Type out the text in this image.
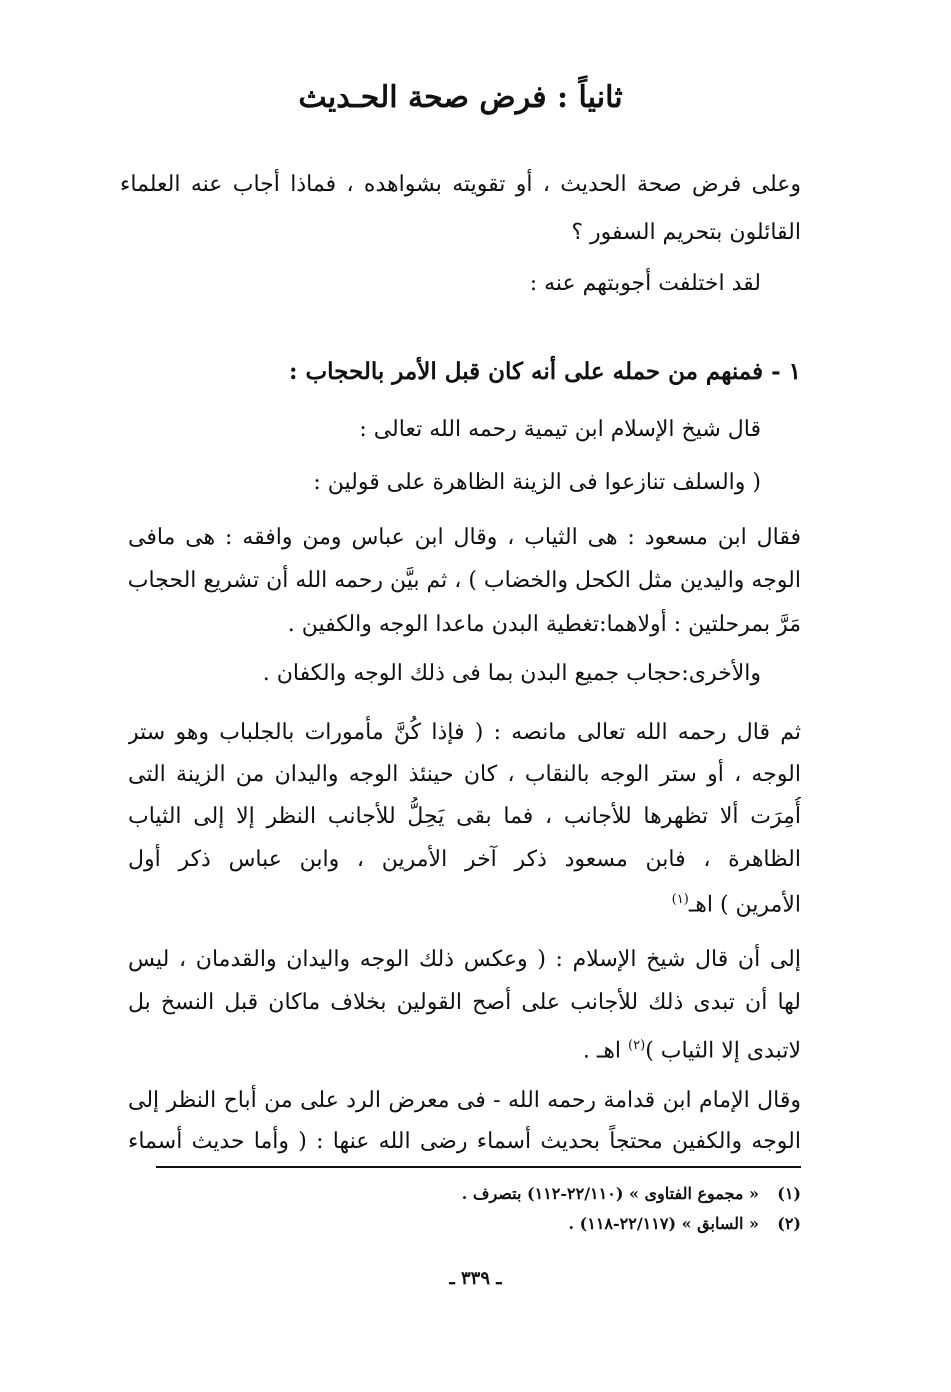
ثانياً : فرض صحة الحـديث
وعلى فرض صحة الحديث ، أو تقويته بشواهده ، فماذا أجاب عنه العلماء
القائلون بتحريم السفور ؟
لقد اختلفت أجوبتهم عنه :
١ - فمنهم من حمله على أنه كان قبل الأمر بالحجاب :
قال شيخ الإسلام ابن تيمية رحمه الله تعالى :
( والسلف تنازعوا فى الزينة الظاهرة على قولين :
فقال ابن مسعود : هى الثياب ، وقال ابن عباس ومن وافقه : هى مافى
الوجه واليدين مثل الكحل والخضاب ) ، ثم بيَّن رحمه الله أن تشريع الحجاب
مَرَّ بمرحلتين : أولاهما:تغطية البدن ماعدا الوجه والكفين .
والأخرى:حجاب جميع البدن بما فى ذلك الوجه والكفان .
ثم قال رحمه الله تعالى مانصه : ( فإذا كُنَّ مأمورات بالجلباب وهو ستر
الوجه ، أو ستر الوجه بالنقاب ، كان حينئذ الوجه واليدان من الزينة التى
أُمِرَت ألا تظهرها للأجانب ، فما بقى يَحِلُّ للأجانب النظر إلا إلى الثياب
الظاهرة ، فابن مسعود ذكر آخر الأمرين ، وابن عباس ذكر أول
الأمرين ) اهـ$^{(١)}$
إلى أن قال شيخ الإسلام : ( وعكس ذلك الوجه واليدان والقدمان ، ليس
لها أن تبدى ذلك للأجانب على أصح القولين بخلاف ماكان قبل النسخ بل
لاتبدى إلا الثياب )$^{(٢)}$ اهـ .
وقال الإمام ابن قدامة رحمه الله - فى معرض الرد على من أباح النظر إلى
الوجه والكفين محتجاً بحديث أسماء رضى الله عنها : ( وأما حديث أسماء
(١)« مجموع الفتاوى » (٢٢/١١٠-١١٢) بتصرف .
(٢)« السابق » (٢٢/١١٧-١١٨) .
ـ ٣٣٩ ـ
